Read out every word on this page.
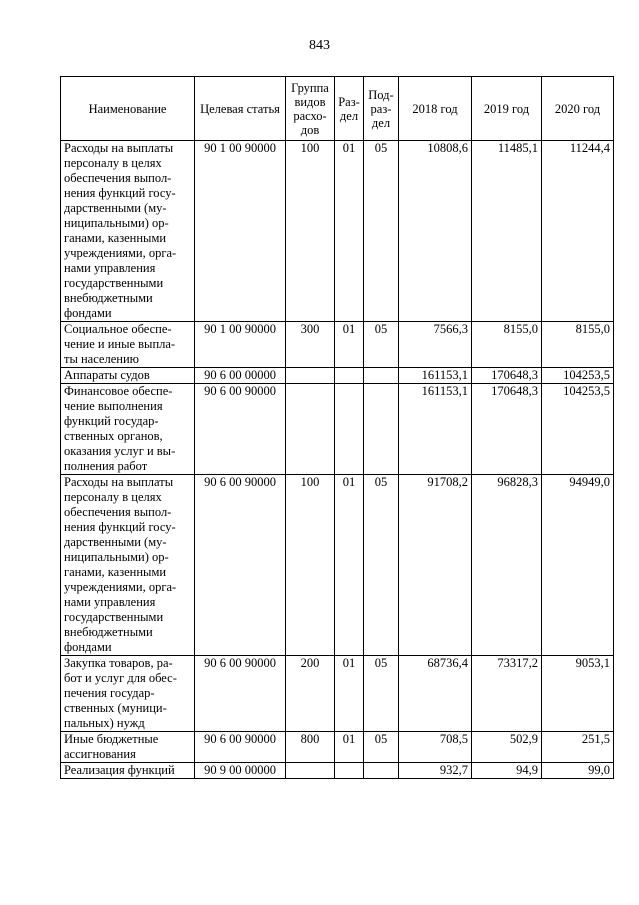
843
Наименование	Целевая статья	Группа видов расхо- дов	Раз- дел	Под- раз- дел	2018 год	2019 год	2020 год
Расходы на выплаты персоналу в целях обеспечения выпол- нения функций госу- дарственными (му- ниципальными) ор- ганами, казенными учреждениями, орга- нами управления государственными внебюджетными фондами	90 1 00 90000	100	01	05	10808,6	11485,1	11244,4
Социальное обеспе- чение и иные выпла- ты населению	90 1 00 90000	300	01	05	7566,3	8155,0	8155,0
Аппараты судов	90 6 00 00000				161153,1	170648,3	104253,5
Финансовое обеспе- чение выполнения функций государ- ственных органов, оказания услуг и вы- полнения работ	90 6 00 90000				161153,1	170648,3	104253,5
Расходы на выплаты персоналу в целях обеспечения выпол- нения функций госу- дарственными (му- ниципальными) ор- ганами, казенными учреждениями, орга- нами управления государственными внебюджетными фондами	90 6 00 90000	100	01	05	91708,2	96828,3	94949,0
Закупка товаров, ра- бот и услуг для обес- печения государ- ственных (муници- пальных) нужд	90 6 00 90000	200	01	05	68736,4	73317,2	9053,1
Иные бюджетные ассигнования	90 6 00 90000	800	01	05	708,5	502,9	251,5
Реализация функций	90 9 00 00000				932,7	94,9	99,0
